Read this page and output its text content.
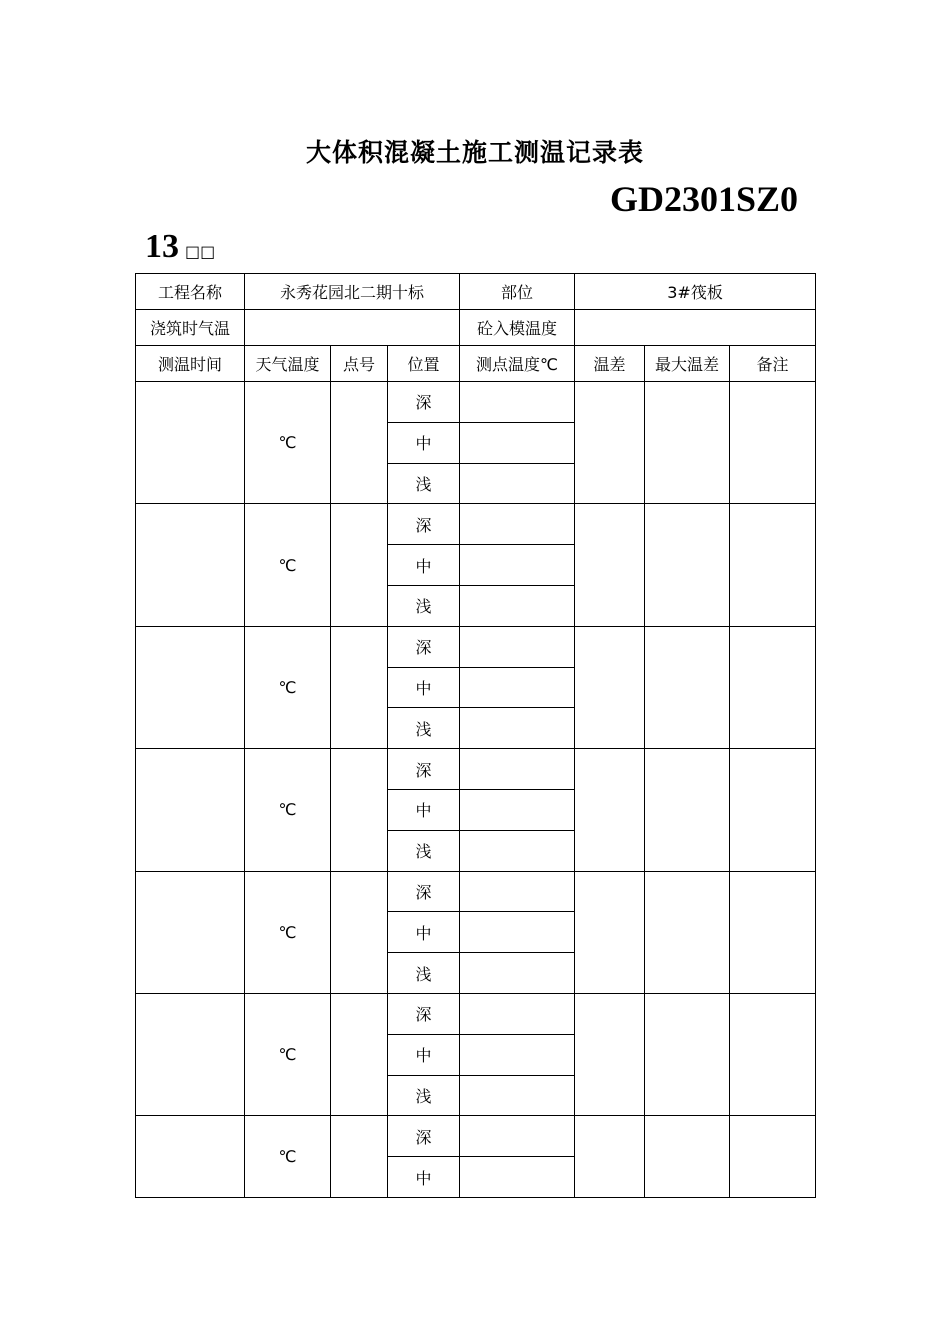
大体积混凝土施工测温记录表
GD2301SZ0
13 □□
工程名称	永秀花园北二期十标			部位	3#筏板		
浇筑时气温				砼入模温度			
测温时间	天气温度	点号	位置	测点温度℃	温差	最大温差	备注
	℃		深				
			中				
			浅				
	℃		深				
			中				
			浅				
	℃		深				
			中				
			浅				
	℃		深				
			中				
			浅				
	℃		深				
			中				
			浅				
	℃		深				
			中				
			浅				
	℃		深				
			中				
